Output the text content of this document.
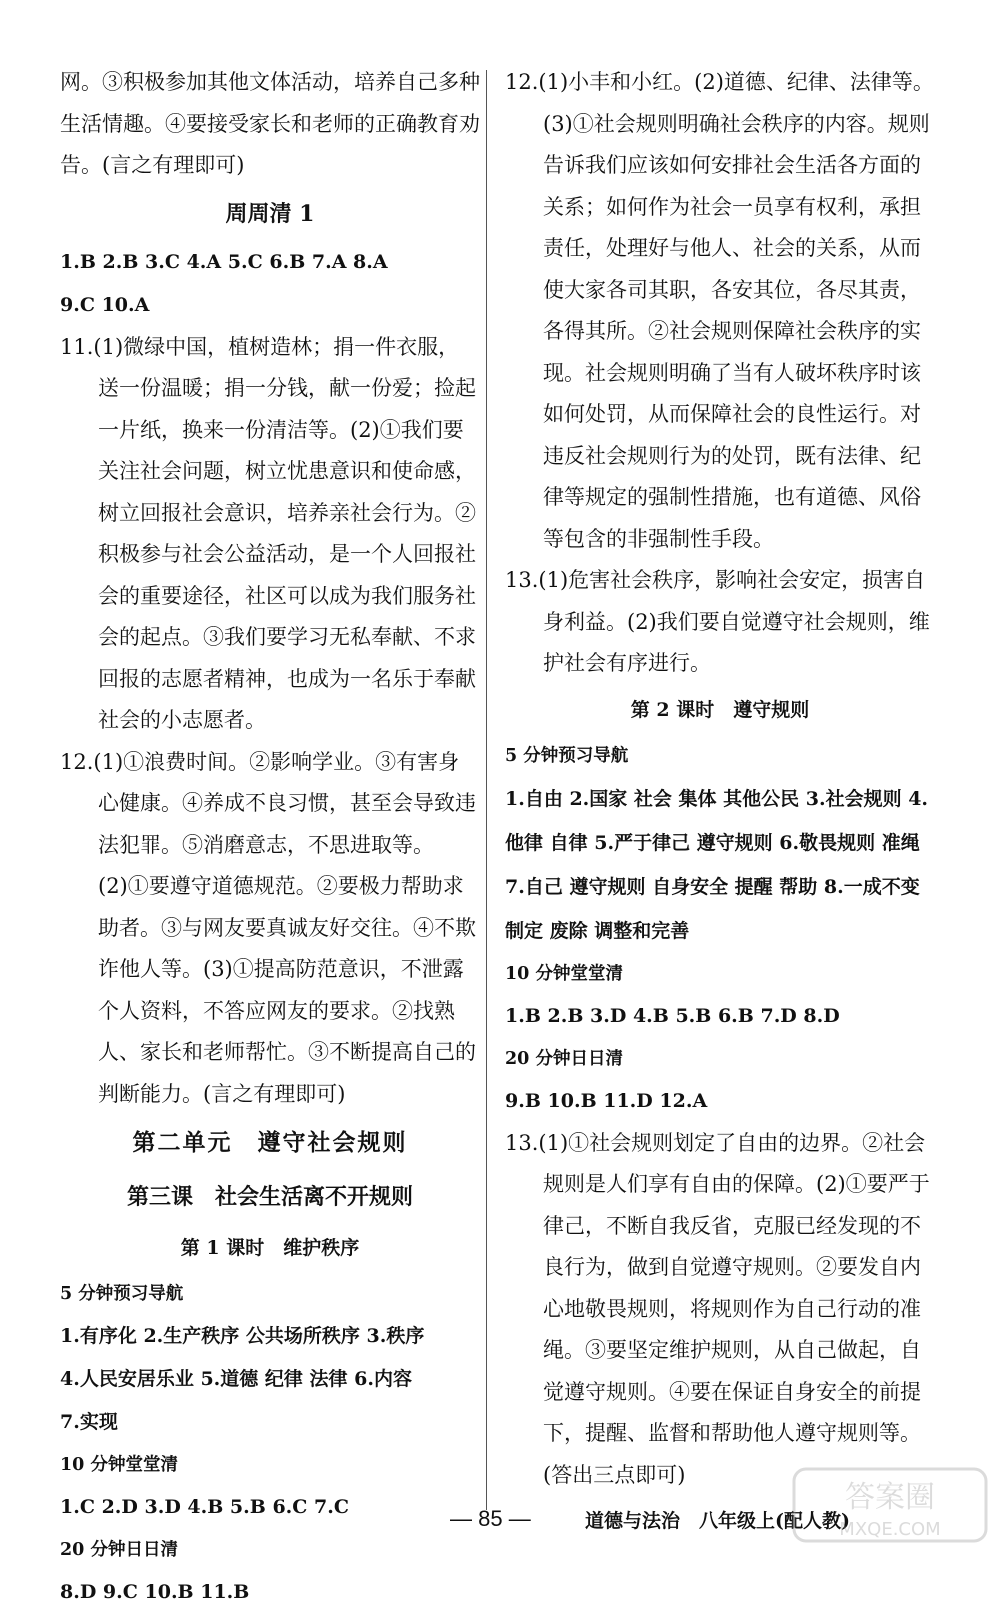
网。③积极参加其他文体活动，培养自己多种生活情趣。④要接受家长和老师的正确教育劝告。(言之有理即可)

周周清 1

1.B 2.B 3.C 4.A 5.C 6.B 7.A 8.A

9.C 10.A

11.(1)微绿中国，植树造林；捐一件衣服，送一份温暖；捐一分钱，献一份爱；捡起一片纸，换来一份清洁等。(2)①我们要关注社会问题，树立忧患意识和使命感，树立回报社会意识，培养亲社会行为。②积极参与社会公益活动，是一个人回报社会的重要途径，社区可以成为我们服务社会的起点。③我们要学习无私奉献、不求回报的志愿者精神，也成为一名乐于奉献社会的小志愿者。

12.(1)①浪费时间。②影响学业。③有害身心健康。④养成不良习惯，甚至会导致违法犯罪。⑤消磨意志，不思进取等。(2)①要遵守道德规范。②要极力帮助求助者。③与网友要真诚友好交往。④不欺诈他人等。(3)①提高防范意识，不泄露个人资料，不答应网友的要求。②找熟人、家长和老师帮忙。③不断提高自己的判断能力。(言之有理即可)

第二单元　遵守社会规则

第三课　社会生活离不开规则

第 1 课时　维护秩序

5 分钟预习导航

1.有序化 2.生产秩序 公共场所秩序 3.秩序

4.人民安居乐业 5.道德 纪律 法律 6.内容

7.实现

10 分钟堂堂清

1.C 2.D 3.D 4.B 5.B 6.C 7.C

20 分钟日日清

8.D 9.C 10.B 11.B

12.(1)小丰和小红。(2)道德、纪律、法律等。(3)①社会规则明确社会秩序的内容。规则告诉我们应该如何安排社会生活各方面的关系；如何作为社会一员享有权利，承担责任，处理好与他人、社会的关系，从而使大家各司其职，各安其位，各尽其责，各得其所。②社会规则保障社会秩序的实现。社会规则明确了当有人破坏秩序时该如何处罚，从而保障社会的良性运行。对违反社会规则行为的处罚，既有法律、纪律等规定的强制性措施，也有道德、风俗等包含的非强制性手段。

13.(1)危害社会秩序，影响社会安定，损害自身利益。(2)我们要自觉遵守社会规则，维护社会有序进行。

第 2 课时　遵守规则

5 分钟预习导航

1.自由 2.国家 社会 集体 其他公民 3.社会规则 4.他律 自律 5.严于律己 遵守规则 6.敬畏规则 准绳 7.自己 遵守规则 自身安全 提醒 帮助 8.一成不变 制定 废除 调整和完善

10 分钟堂堂清

1.B 2.B 3.D 4.B 5.B 6.B 7.D 8.D

20 分钟日日清

9.B 10.B 11.D 12.A

13.(1)①社会规则划定了自由的边界。②社会规则是人们享有自由的保障。(2)①要严于律己，不断自我反省，克服已经发现的不良行为，做到自觉遵守规则。②要发自内心地敬畏规则，将规则作为自己行动的准绳。③要坚定维护规则，从自己做起，自觉遵守规则。④要在保证自身安全的前提下，提醒、监督和帮助他人遵守规则等。(答出三点即可)

— 85 —	道德与法治　八年级上(配人教)
答案圈
MXQE.COM
